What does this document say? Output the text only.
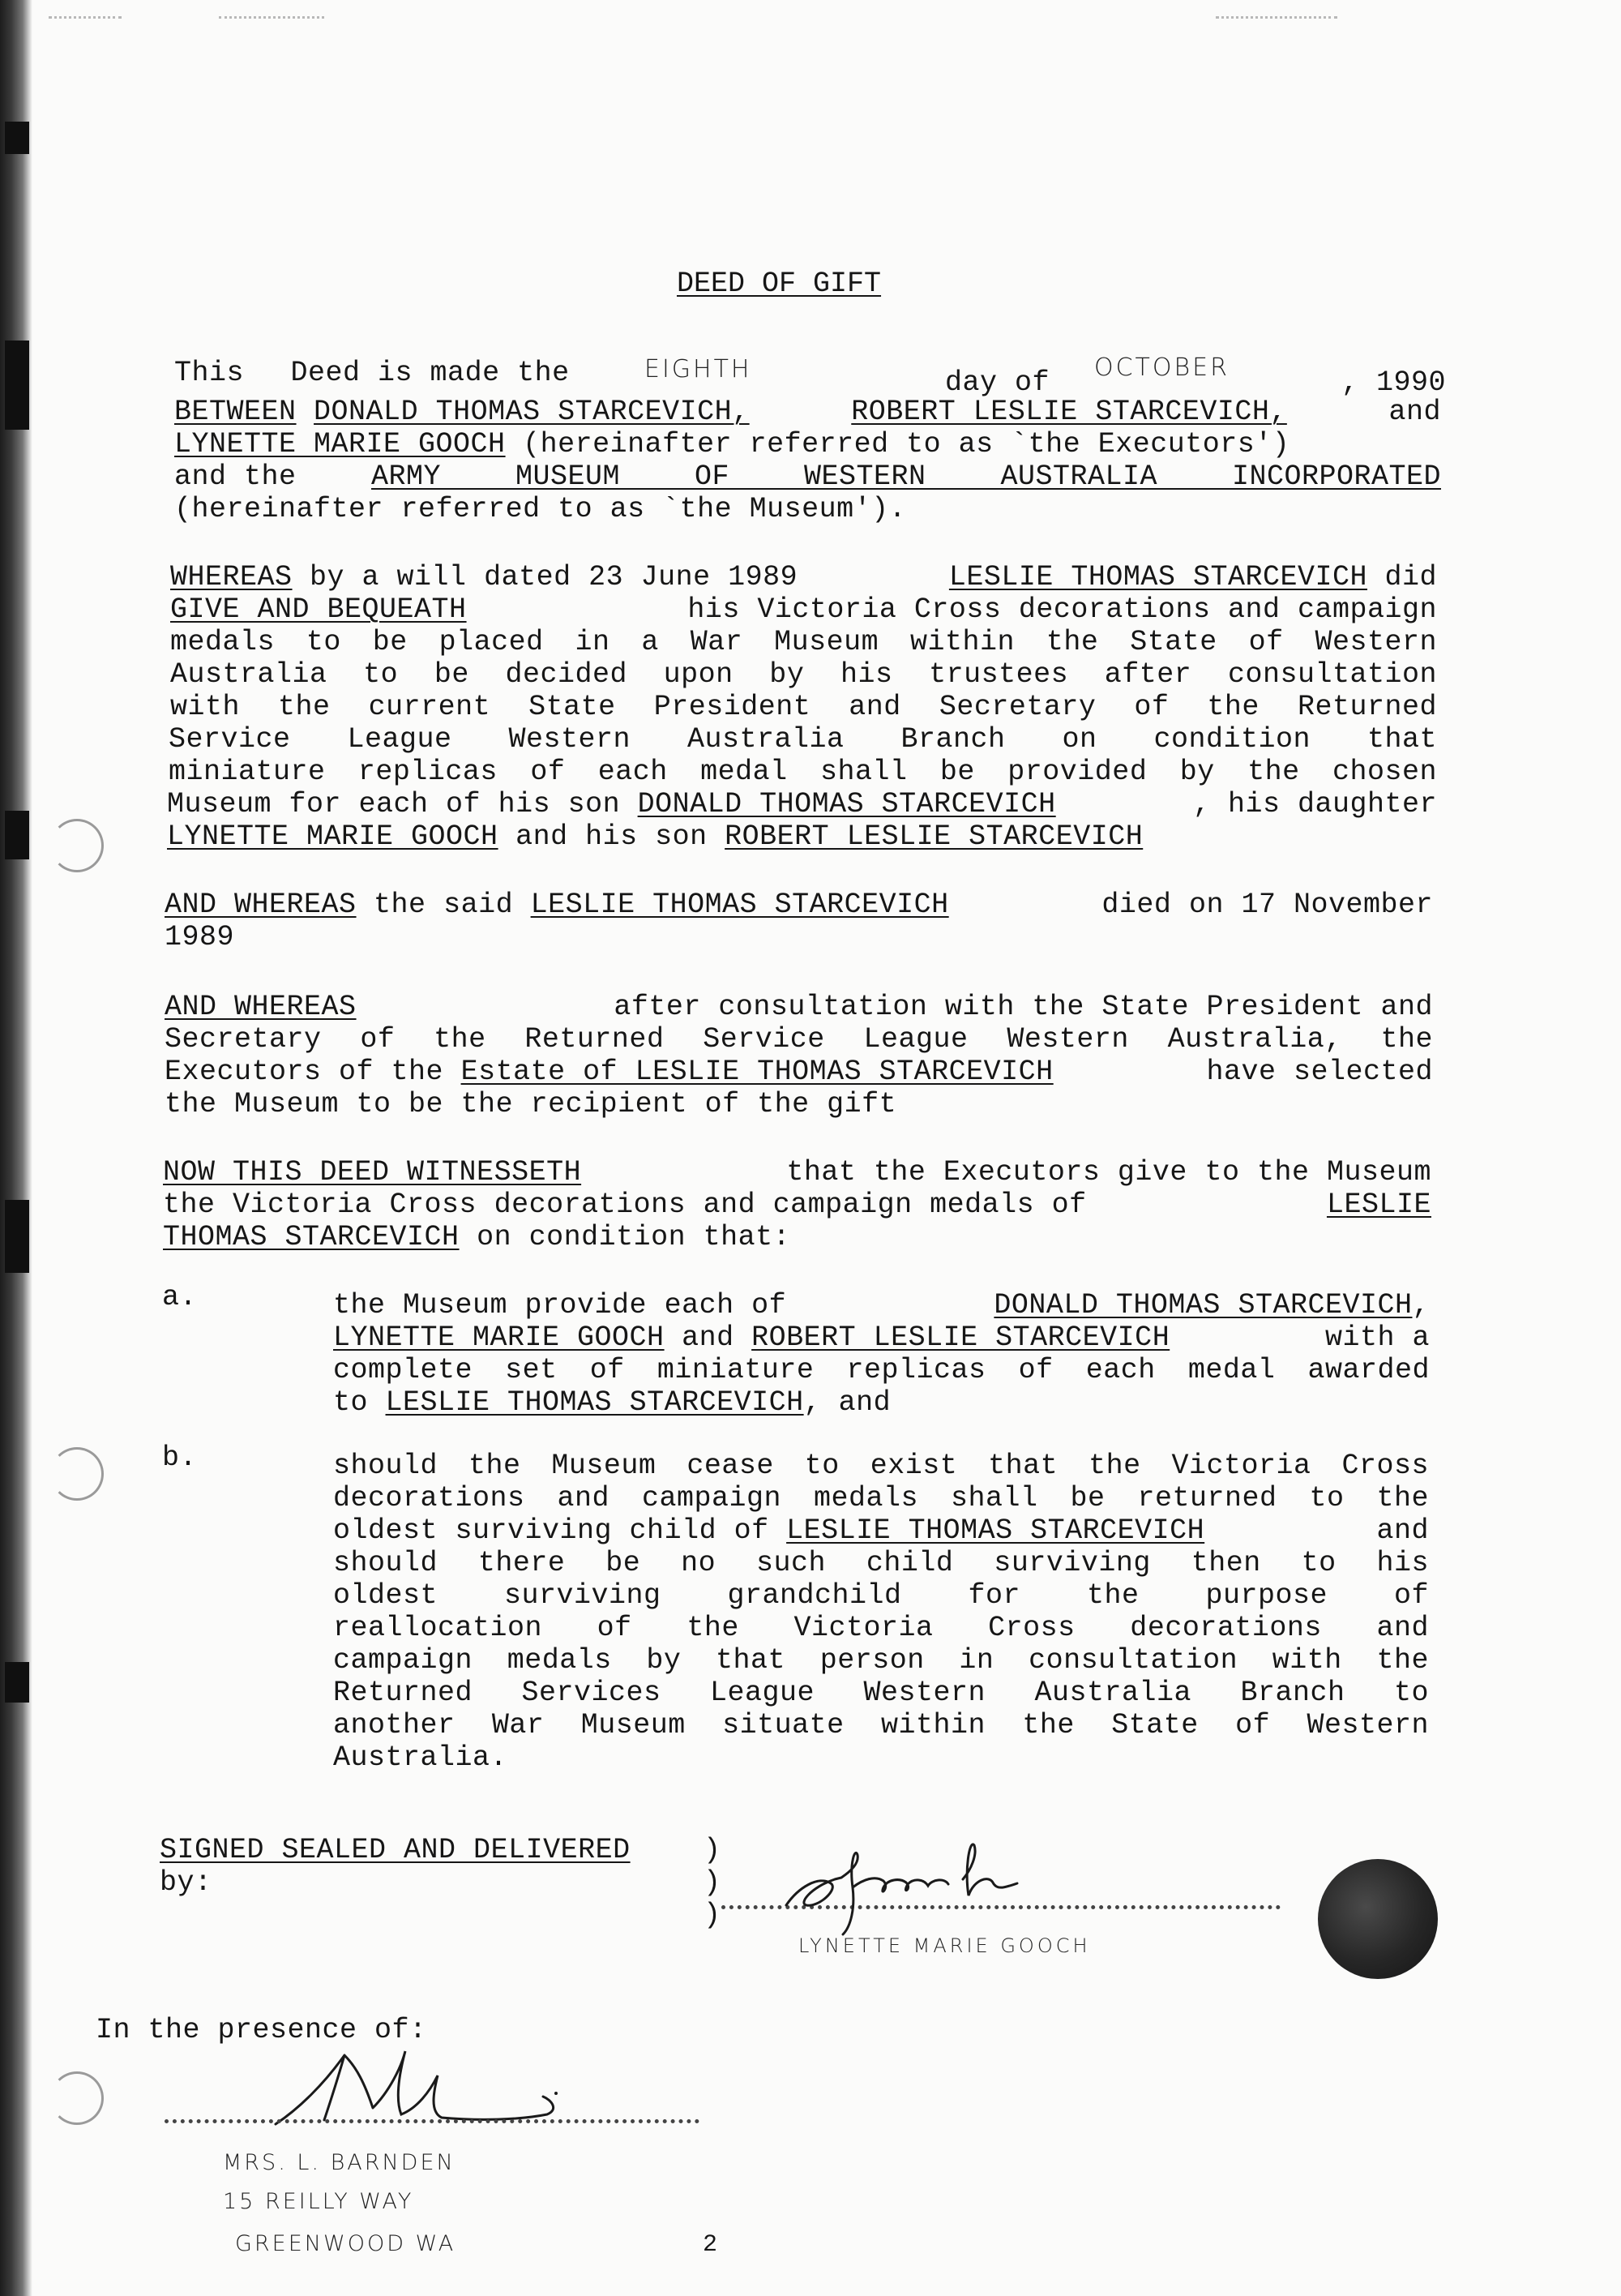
DEED OF GIFT
This Deed is made the	EIGHTH	day of OCTOBER	, 1990
BETWEEN DONALD THOMAS STARCEVICH,	ROBERT LESLIE STARCEVICH,	and
LYNETTE MARIE GOOCH (hereinafter referred to as `the Executors')
and the	ARMY MUSEUM OF WESTERN AUSTRALIA INCORPORATED
(hereinafter referred to as `the Museum').
WHEREAS by a will dated 23 June 1989	LESLIE THOMAS STARCEVICH did
GIVE AND BEQUEATH	his Victoria Cross decorations and campaign
medals to be placed in a War Museum within the State of Western
Australia to be decided upon by his trustees after consultation
with the current State President and Secretary of the Returned
Service League Western Australia Branch on condition that
miniature replicas of each medal shall be provided by the chosen
Museum for each of his son DONALD THOMAS STARCEVICH	, his daughter
LYNETTE MARIE GOOCH and his son ROBERT LESLIE STARCEVICH
AND WHEREAS the said LESLIE THOMAS STARCEVICH	died on 17 November
1989
AND WHEREAS	after consultation with the State President and
Secretary of the Returned Service League Western Australia, the
Executors of the Estate of LESLIE THOMAS STARCEVICH	have selected
the Museum to be the recipient of the gift
NOW THIS DEED WITNESSETH	that the Executors give to the Museum
the Victoria Cross decorations and campaign medals of	LESLIE
THOMAS STARCEVICH on condition that:
a.	the Museum provide each of	DONALD THOMAS STARCEVICH,
LYNETTE MARIE GOOCH and ROBERT LESLIE STARCEVICH	with a
complete set of miniature replicas of each medal awarded
to LESLIE THOMAS STARCEVICH, and
b.	should the Museum cease to exist that the Victoria Cross
decorations and campaign medals shall be returned to the
oldest surviving child of LESLIE THOMAS STARCEVICH	and
should there be no such child surviving then to his
oldest surviving grandchild for the purpose of
reallocation of the Victoria Cross decorations and
campaign medals by that person in consultation with the
Returned Services League Western Australia Branch to
another War Museum situate within the State of Western
Australia.
SIGNED SEALED AND DELIVERED
by:
In the presence of:
)
)
)
LYNETTE MARIE GOOCH
MRS. L. BARNDEN
15 REILLY WAY
GREENWOOD WA	2
